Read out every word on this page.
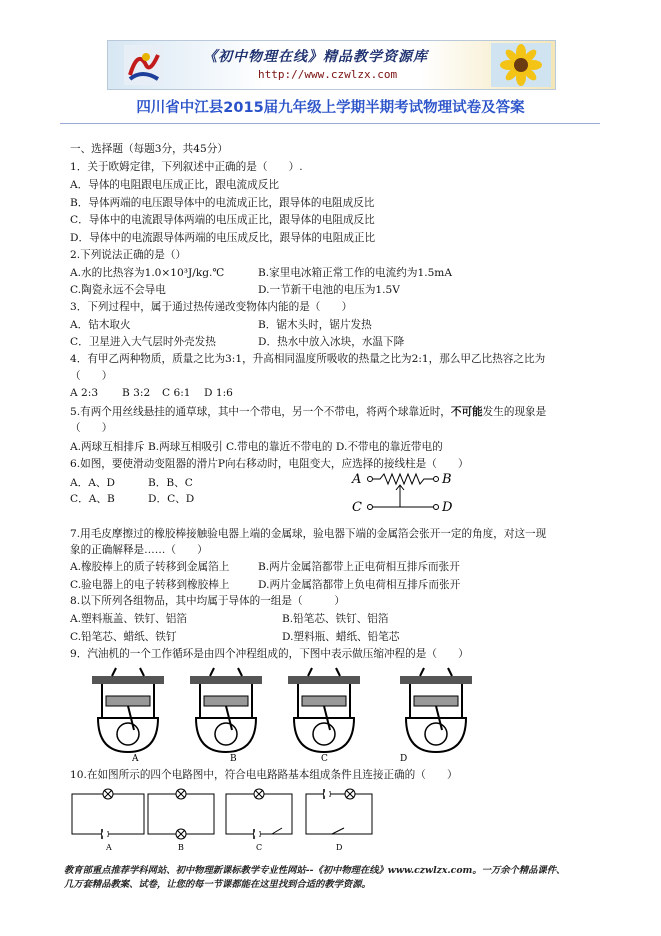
《初中物理在线》精品教学资源库
http://www.czwlzx.com
四川省中江县2015届九年级上学期半期考试物理试卷及答案
一、选择题（每题3分，共45分）
1．关于欧姆定律，下列叙述中正确的是（　　）.
A．导体的电阻跟电压成正比，跟电流成反比
B．导体两端的电压跟导体中的电流成正比，跟导体的电阻成反比
C．导体中的电流跟导体两端的电压成正比，跟导体的电阻成反比
D．导体中的电流跟导体两端的电压成反比，跟导体的电阻成正比
2.下列说法正确的是（）
A.水的比热容为1.0×10³J/kg.℃	B.家里电冰箱正常工作的电流约为1.5mA
C.陶瓷永远不会导电	D.一节新干电池的电压为1.5V
3．下列过程中，属于通过热传递改变物体内能的是（　　）
A．钻木取火	B．锯木头时，锯片发热
C．卫星进入大气层时外壳发热	D．热水中放入冰块，水温下降
4．有甲乙两种物质，质量之比为3:1，升高相同温度所吸收的热量之比为2:1，那么甲乙比热容之比为
（　　）
A 2:3 B 3:2 C 6:1 D 1:6
5.有两个用丝线悬挂的通草球，其中一个带电，另一个不带电，将两个球靠近时，不可能发生的现象是
（　　）
A.两球互相排斥 B.两球互相吸引 C.带电的靠近不带电的 D.不带电的靠近带电的
6.如图，要使滑动变阻器的滑片P向右移动时，电阻变大，应选择的接线柱是（　　）
A．A、D	B．B、C
C．A、B	D．C、D
A	B
C	D
7.用毛皮摩擦过的橡胶棒接触验电器上端的金属球，验电器下端的金属箔会张开一定的角度，对这一现
象的正确解释是……（　　）
A.橡胶棒上的质子转移到金属箔上	B.两片金属箔都带上正电荷相互排斥而张开
C.验电器上的电子转移到橡胶棒上	D.两片金属箔都带上负电荷相互排斥而张开
8.以下所列各组物品，其中均属于导体的一组是（　　　）
A.塑料瓶盖、铁钉、铝箔	B.铅笔芯、铁钉、铝箔
C.铅笔芯、蜡纸、铁钉	D.塑料瓶、蜡纸、铅笔芯
9．汽油机的一个工作循环是由四个冲程组成的，下图中表示做压缩冲程的是（　　）
A	B	C	D
10.在如图所示的四个电路图中，符合电电路路基本组成条件且连接正确的（　　）
A	B	C	D
教育部重点推荐学科网站、初中物理新课标教学专业性网站--《初中物理在线》www.czwlzx.com。一万余个精品课件、
几万套精品教案、试卷，让您的每一节课都能在这里找到合适的教学资源。
